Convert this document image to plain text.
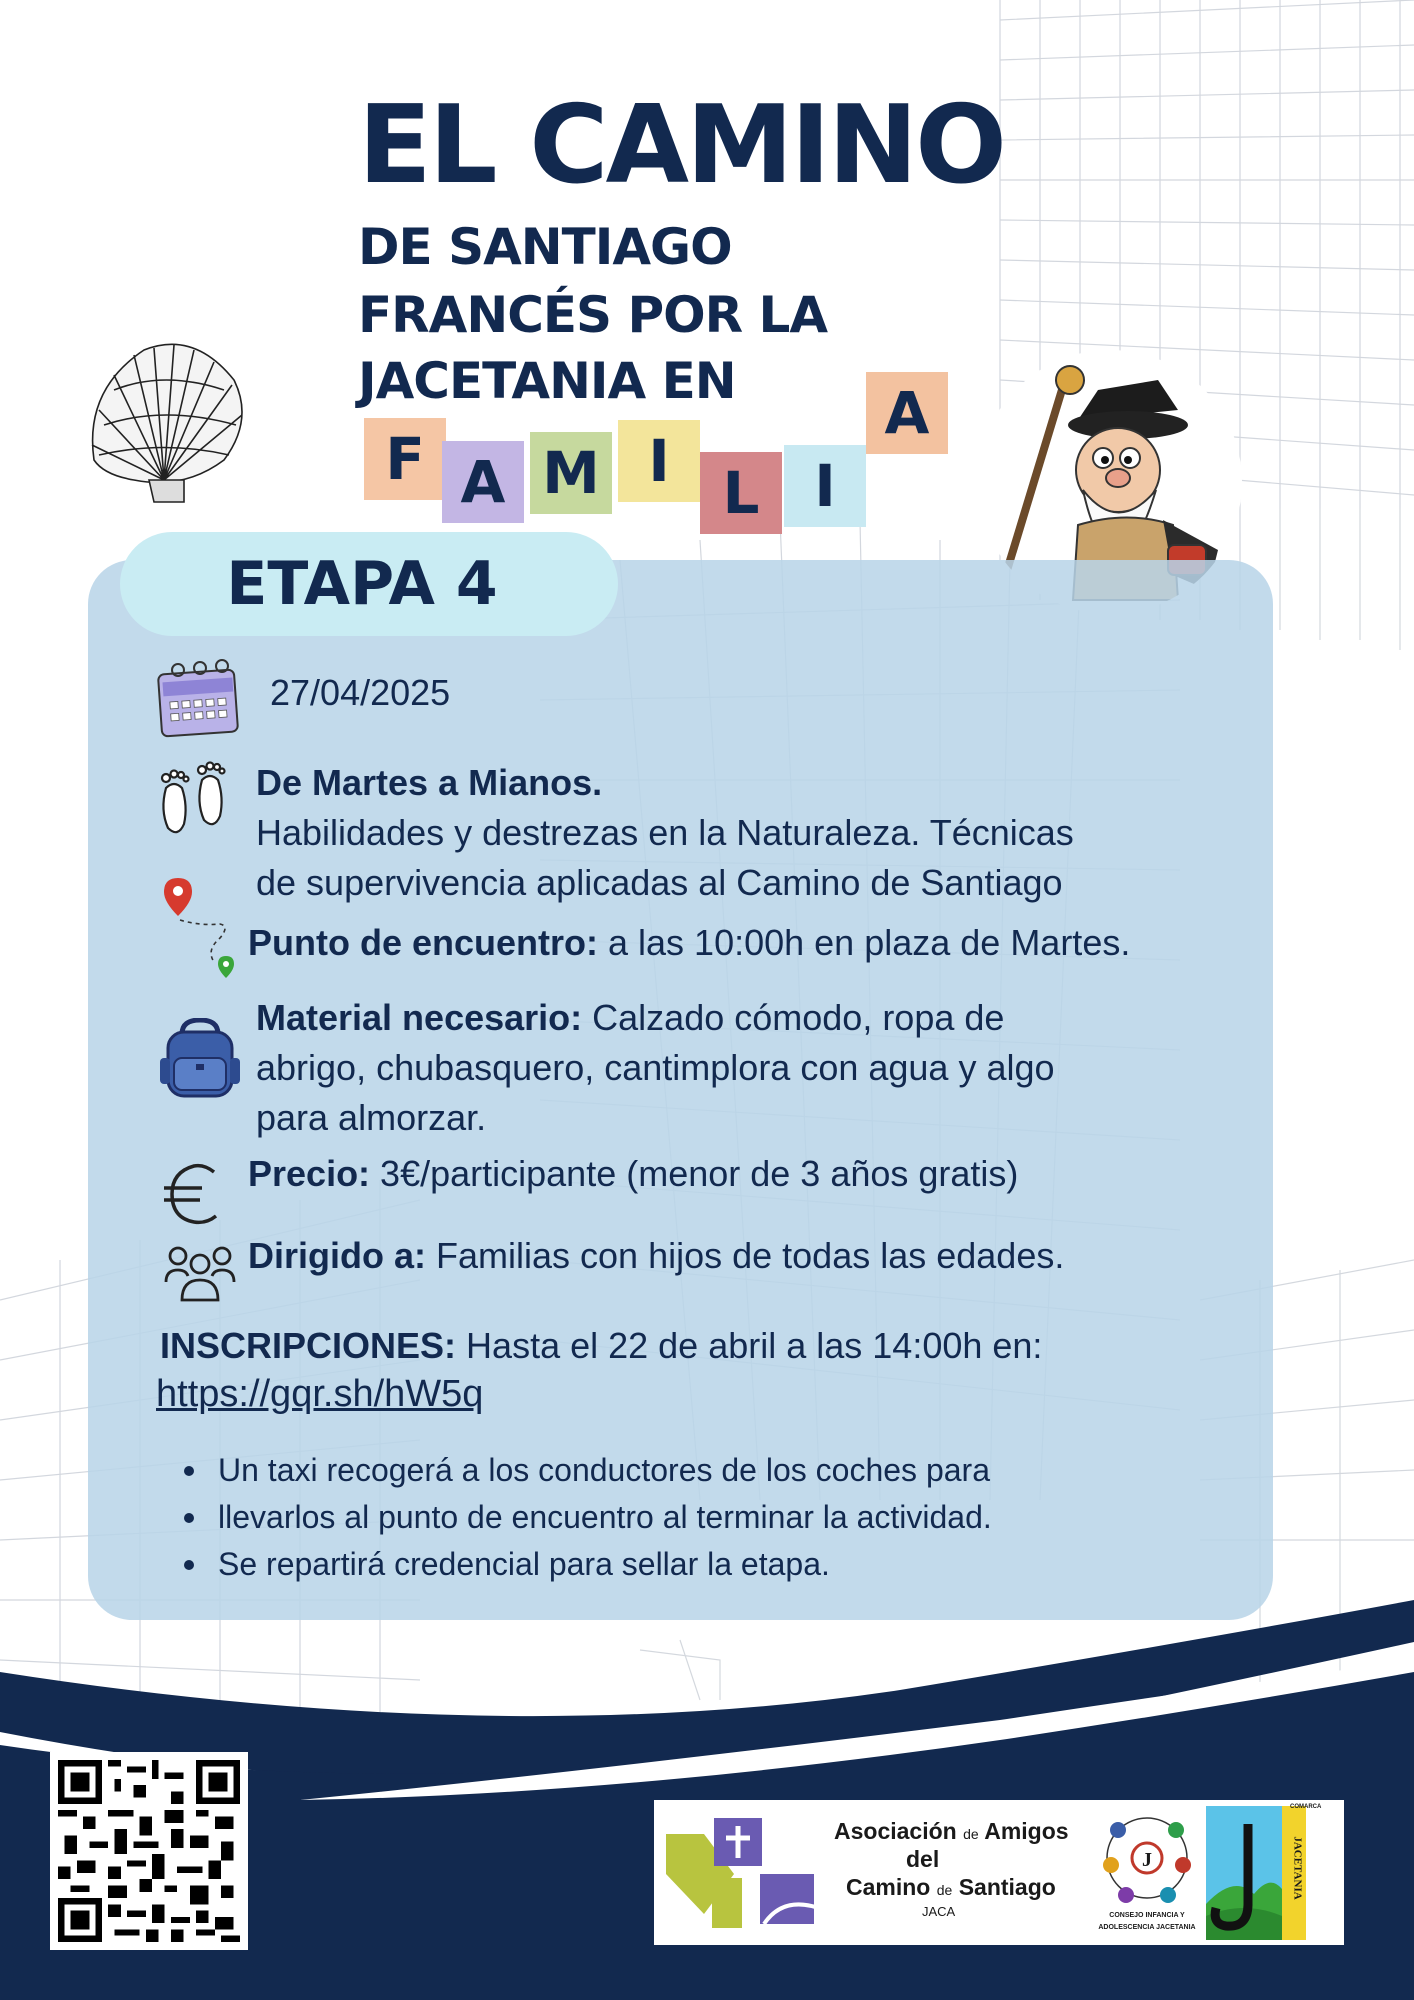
EL CAMINO
DE SANTIAGO
FRANCÉS POR LA
JACETANIA EN
F A M I L I
A
ETAPA 4
27/04/2025
De Martes a Mianos.
Habilidades y destrezas en la Naturaleza. Técnicas
de supervivencia aplicadas al Camino de Santiago
Punto de encuentro: a las 10:00h en plaza de Martes.
Material necesario: Calzado cómodo, ropa de
abrigo, chubasquero, cantimplora con agua y algo
para almorzar.
Precio: 3€/participante (menor de 3 años gratis)
Dirigido a: Familias con hijos de todas las edades.
INSCRIPCIONES: Hasta el 22 de abril a las 14:00h en:
https://gqr.sh/hW5q
Un taxi recogerá a los conductores de los coches para
llevarlos al punto de encuentro al terminar la actividad.
Se repartirá credencial para sellar la etapa.
Asociación de Amigos
del
Camino de Santiago
JACA
J
CONSEJO INFANCIA Y
ADOLESCENCIA JACETANIA
COMARCA
JACETANIA
